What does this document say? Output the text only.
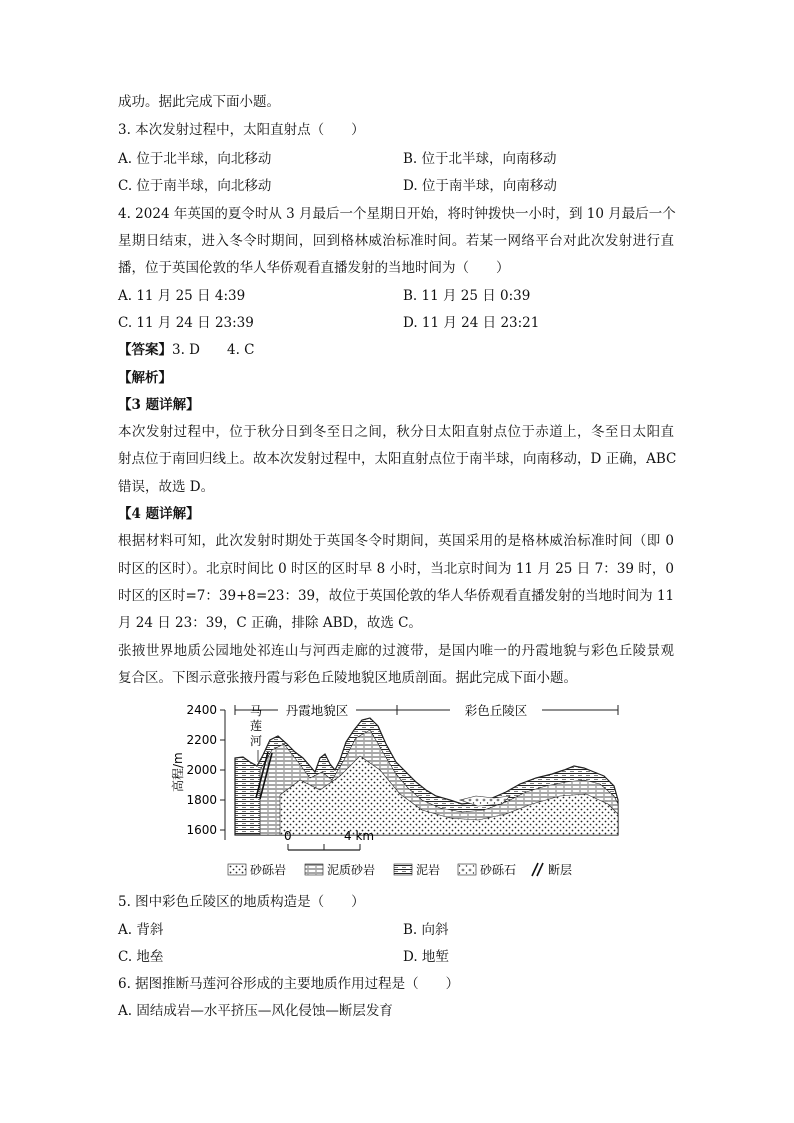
成功。据此完成下面小题。
3. 本次发射过程中，太阳直射点（　　）
A. 位于北半球，向北移动	B. 位于北半球，向南移动
C. 位于南半球，向北移动	D. 位于南半球，向南移动
4. 2024 年英国的夏令时从 3 月最后一个星期日开始，将时钟拨快一小时，到 10 月最后一个
星期日结束，进入冬令时期间，回到格林威治标准时间。若某一网络平台对此次发射进行直
播，位于英国伦敦的华人华侨观看直播发射的当地时间为（　　）
A. 11 月 25 日 4:39	B. 11 月 25 日 0:39
C. 11 月 24 日 23:39	D. 11 月 24 日 23:21
【答案】3. D　　4. C
【解析】
【3 题详解】
本次发射过程中，位于秋分日到冬至日之间，秋分日太阳直射点位于赤道上，冬至日太阳直
射点位于南回归线上。故本次发射过程中，太阳直射点位于南半球，向南移动，D 正确，ABC
错误，故选 D。
【4 题详解】
根据材料可知，此次发射时期处于英国冬令时期间，英国采用的是格林威治标准时间（即 0
时区的区时）。北京时间比 0 时区的区时早 8 小时，当北京时间为 11 月 25 日 7：39 时，0
时区的区时=7：39+8=23：39，故位于英国伦敦的华人华侨观看直播发射的当地时间为 11
月 24 日 23：39，C 正确，排除 ABD，故选 C。
张掖世界地质公园地处祁连山与河西走廊的过渡带，是国内唯一的丹霞地貌与彩色丘陵景观
复合区。下图示意张掖丹霞与彩色丘陵地貌区地质剖面。据此完成下面小题。
2400
2200
2000
1800
1600
高程/m
丹霞地貌区	彩色丘陵区
马莲河
0	4 km
砂砾岩	泥质砂岩	泥岩	砂砾石	断层
5. 图中彩色丘陵区的地质构造是（　　）
A. 背斜	B. 向斜
C. 地垒	D. 地堑
6. 据图推断马莲河谷形成的主要地质作用过程是（　　）
A. 固结成岩—水平挤压—风化侵蚀—断层发育
